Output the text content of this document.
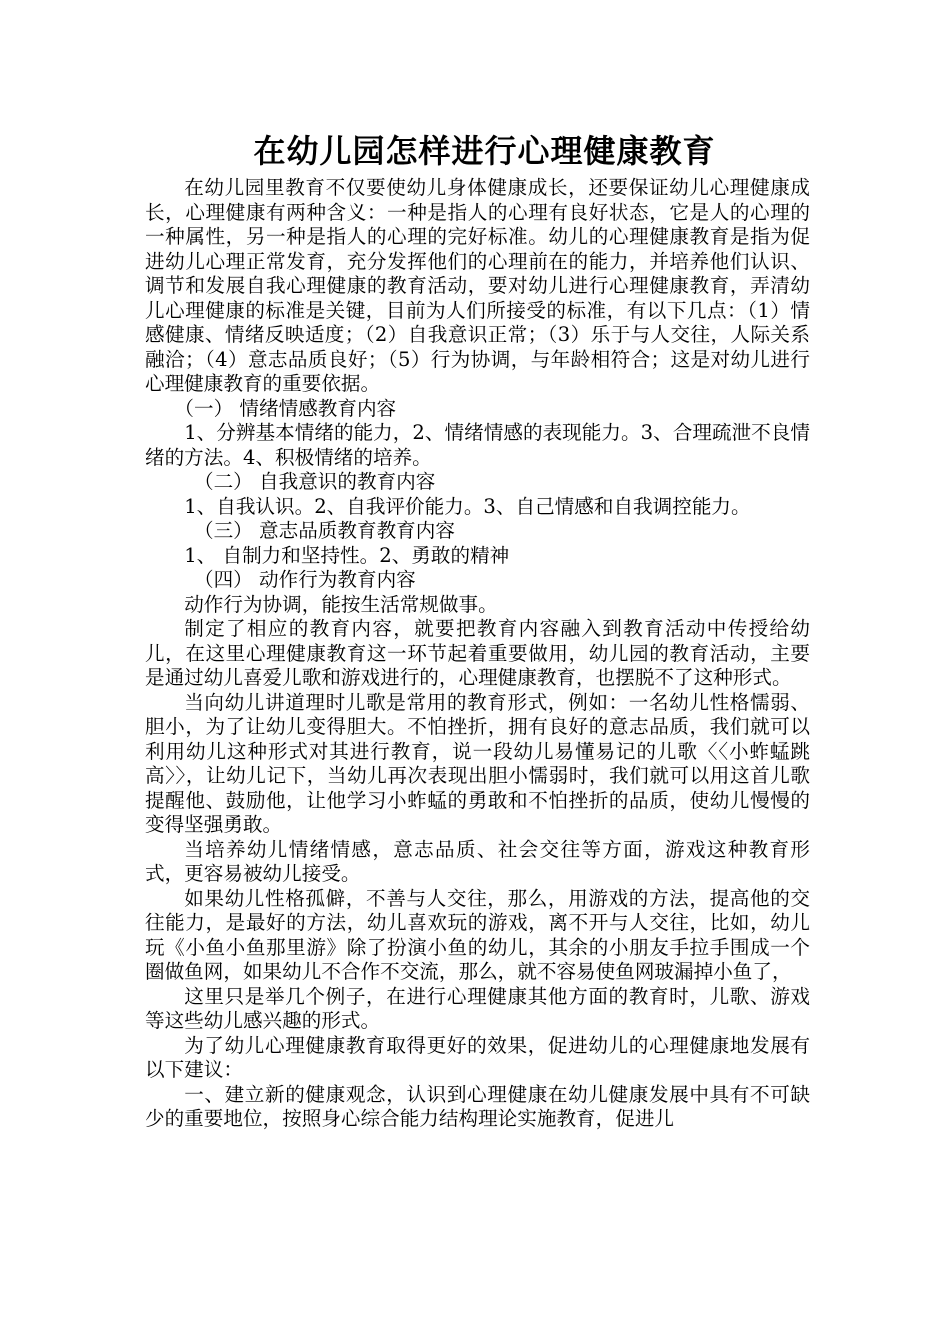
在幼儿园怎样进行心理健康教育

在幼儿园里教育不仅要使幼儿身体健康成长，还要保证幼儿心理健康成长，心理健康有两种含义：一种是指人的心理有良好状态，它是人的心理的一种属性，另一种是指人的心理的完好标准。幼儿的心理健康教育是指为促进幼儿心理正常发育，充分发挥他们的心理前在的能力，并培养他们认识、调节和发展自我心理健康的教育活动，要对幼儿进行心理健康教育，弄清幼儿心理健康的标准是关键，目前为人们所接受的标准，有以下几点：（1）情感健康、情绪反映适度；（2）自我意识正常；（3）乐于与人交往，人际关系融洽；（4）意志品质良好；（5）行为协调，与年龄相符合；这是对幼儿进行心理健康教育的重要依据。

（一） 情绪情感教育内容

1、分辨基本情绪的能力，2、情绪情感的表现能力。3、合理疏泄不良情绪的方法。4、积极情绪的培养。

（二） 自我意识的教育内容

1、自我认识。2、自我评价能力。3、自己情感和自我调控能力。

（三） 意志品质教育教育内容

1、 自制力和坚持性。2、勇敢的精神

（四） 动作行为教育内容

动作行为协调，能按生活常规做事。

制定了相应的教育内容，就要把教育内容融入到教育活动中传授给幼儿，在这里心理健康教育这一环节起着重要做用，幼儿园的教育活动，主要是通过幼儿喜爱儿歌和游戏进行的，心理健康教育，也摆脱不了这种形式。

当向幼儿讲道理时儿歌是常用的教育形式，例如：一名幼儿性格懦弱、胆小，为了让幼儿变得胆大。不怕挫折，拥有良好的意志品质，我们就可以利用幼儿这种形式对其进行教育，说一段幼儿易懂易记的儿歌〈〈小蚱蜢跳高〉〉，让幼儿记下，当幼儿再次表现出胆小懦弱时，我们就可以用这首儿歌提醒他、鼓励他，让他学习小蚱蜢的勇敢和不怕挫折的品质，使幼儿慢慢的变得坚强勇敢。

当培养幼儿情绪情感，意志品质、社会交往等方面，游戏这种教育形式，更容易被幼儿接受。

如果幼儿性格孤僻，不善与人交往，那么，用游戏的方法，提高他的交往能力，是最好的方法，幼儿喜欢玩的游戏，离不开与人交往，比如，幼儿玩《小鱼小鱼那里游》除了扮演小鱼的幼儿，其余的小朋友手拉手围成一个圈做鱼网，如果幼儿不合作不交流，那么，就不容易使鱼网玻漏掉小鱼了，

这里只是举几个例子，在进行心理健康其他方面的教育时，儿歌、游戏等这些幼儿感兴趣的形式。

为了幼儿心理健康教育取得更好的效果，促进幼儿的心理健康地发展有以下建议：

一、建立新的健康观念，认识到心理健康在幼儿健康发展中具有不可缺少的重要地位，按照身心综合能力结构理论实施教育，促进儿
